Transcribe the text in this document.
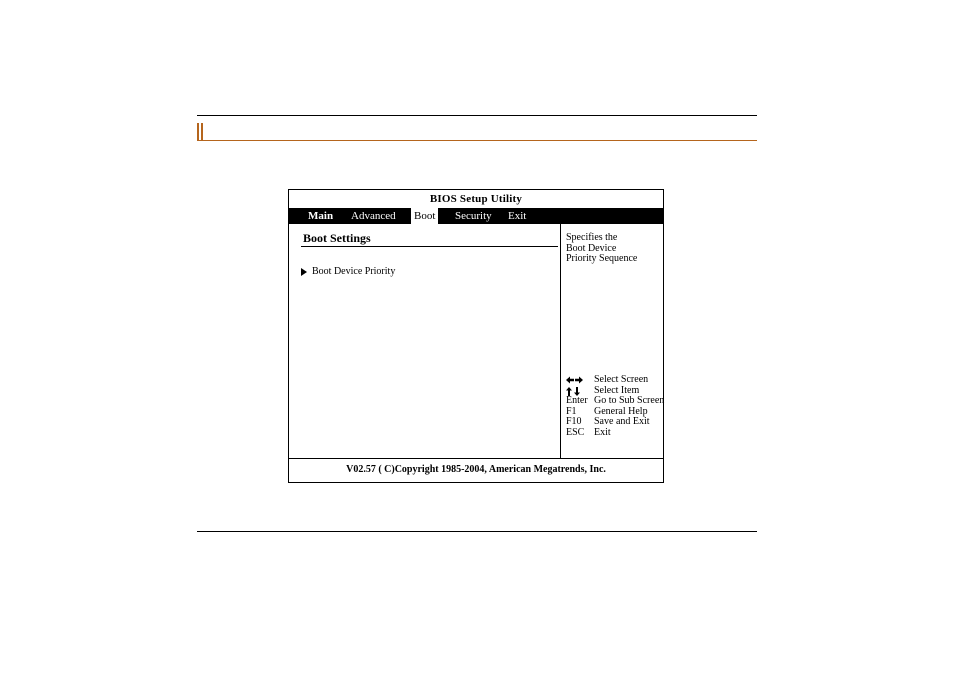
BIOS Setup Utility
Main Advanced Boot Security Exit
Boot Settings
Boot Device Priority
Specifies the
Boot Device
Priority Sequence
Select Screen
Select Item
Enter Go to Sub Screen
F1 General Help
F10 Save and Exit
ESC Exit
V02.57 ( C)Copyright 1985-2004, American Megatrends, Inc.
